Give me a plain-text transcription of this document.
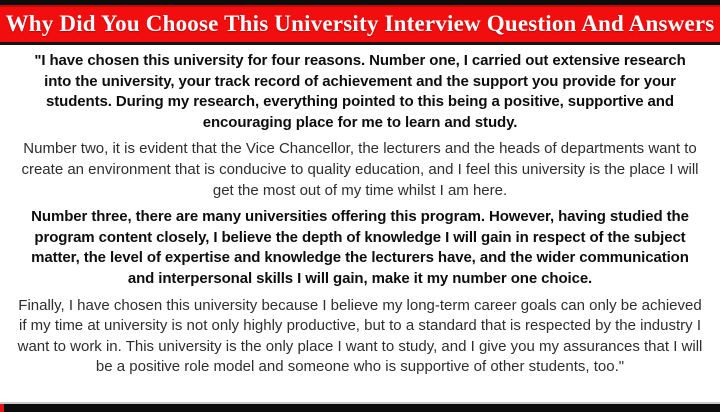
Why Did You Choose This University Interview Question And Answers

"I have chosen this university for four reasons. Number one, I carried out extensive research into the university, your track record of achievement and the support you provide for your students. During my research, everything pointed to this being a positive, supportive and encouraging place for me to learn and study.

Number two, it is evident that the Vice Chancellor, the lecturers and the heads of departments want to create an environment that is conducive to quality education, and I feel this university is the place I will get the most out of my time whilst I am here.

Number three, there are many universities offering this program. However, having studied the program content closely, I believe the depth of knowledge I will gain in respect of the subject matter, the level of expertise and knowledge the lecturers have, and the wider communication and interpersonal skills I will gain, make it my number one choice.

Finally, I have chosen this university because I believe my long-term career goals can only be achieved if my time at university is not only highly productive, but to a standard that is respected by the industry I want to work in. This university is the only place I want to study, and I give you my assurances that I will be a positive role model and someone who is supportive of other students, too."
